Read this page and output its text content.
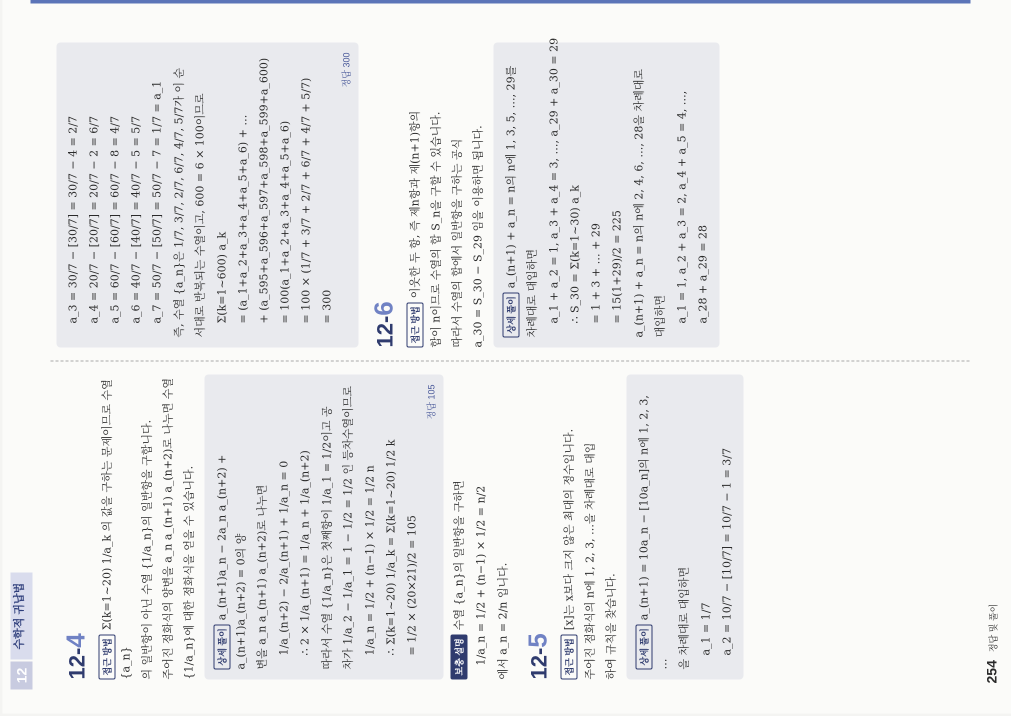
12
수학적 귀납법
12-4	접근 방법Σ(k=1~20) 1/a_k 의 값을 구하는 문제이므로 수열 {a_n} 의 일반항이 아닌 수열 {1/a_n}의 일반항을 구합니다. 주어진 점화식의 양변을 a_n a_(n+1) a_(n+2)로 나누면 수열 {1/a_n}에 대한 점화식을 얻을 수 있습니다.	상세 풀이a_(n+1)a_n − 2a_n a_(n+2) + a_(n+1)a_(n+2) = 0의 양 변을 a_n a_(n+1) a_(n+2)로 나누면 1/a_(n+2) − 2/a_(n+1) + 1/a_n = 0 ∴ 2 × 1/a_(n+1) = 1/a_n + 1/a_(n+2) 따라서 수열 {1/a_n}은 첫째항이 1/a_1 = 1/2이고 공 차가 1/a_2 − 1/a_1 = 1 − 1/2 = 1/2 인 등차수열이므로 1/a_n = 1/2 + (n−1) × 1/2 = 1/2 n ∴ Σ(k=1~20) 1/a_k = Σ(k=1~20) 1/2 k = 1/2 × (20×21)/2 = 105
정답 105
보충 설명수열 {a_n}의 일반항을 구하면 1/a_n = 1/2 + (n−1) × 1/2 = n/2 에서 a_n = 2/n 입니다. 12-5	접근 방법[x]는 x보다 크지 않은 최대의 정수입니다. 주어진 점화식의 n에 1, 2, 3, …을 차례대로 대입 하여 규칙을 찾습니다.	상세 풀이a_(n+1) = 10a_n − [10a_n]의 n에 1, 2, 3, … 을 차례대로 대입하면 a_1 = 1/7 a_2 = 10/7 − [10/7] = 10/7 − 1 = 3/7
a_3 = 30/7 − [30/7] = 30/7 − 4 = 2/7 a_4 = 20/7 − [20/7] = 20/7 − 2 = 6/7 a_5 = 60/7 − [60/7] = 60/7 − 8 = 4/7 a_6 = 40/7 − [40/7] = 40/7 − 5 = 5/7 a_7 = 50/7 − [50/7] = 50/7 − 7 = 1/7 = a_1 즉, 수열 {a_n}은 1/7, 3/7, 2/7, 6/7, 4/7, 5/7가 이 순 서대로 반복되는 수열이고, 600 = 6 × 100이므로 Σ(k=1~600) a_k = (a_1+a_2+a_3+a_4+a_5+a_6) + … + (a_595+a_596+a_597+a_598+a_599+a_600) = 100(a_1+a_2+a_3+a_4+a_5+a_6) = 100 × (1/7 + 3/7 + 2/7 + 6/7 + 4/7 + 5/7) = 300
정답 300
12-6	접근 방법이웃한 두 항, 즉 제n항과 제(n+1)항의 합이 n이므로 수열의 합 S_n을 구할 수 있습니다. 따라서 수열의 합에서 일반항을 구하는 공식 a_30 = S_30 − S_29 임을 이용하면 됩니다.	상세 풀이a_(n+1) + a_n = n의 n에 1, 3, 5, …, 29를
차례대로 대입하면 a_1 + a_2 = 1, a_3 + a_4 = 3, …, a_29 + a_30 = 29 ∴ S_30 = Σ(k=1~30) a_k = 1 + 3 + … + 29 = 15(1+29)/2 = 225 a_(n+1) + a_n = n의 n에 2, 4, 6, …, 28을 차례대로 대입하면 a_1 = 1, a_2 + a_3 = 2, a_4 + a_5 = 4, …, a_28 + a_29 = 28
254정답 및 풀이
